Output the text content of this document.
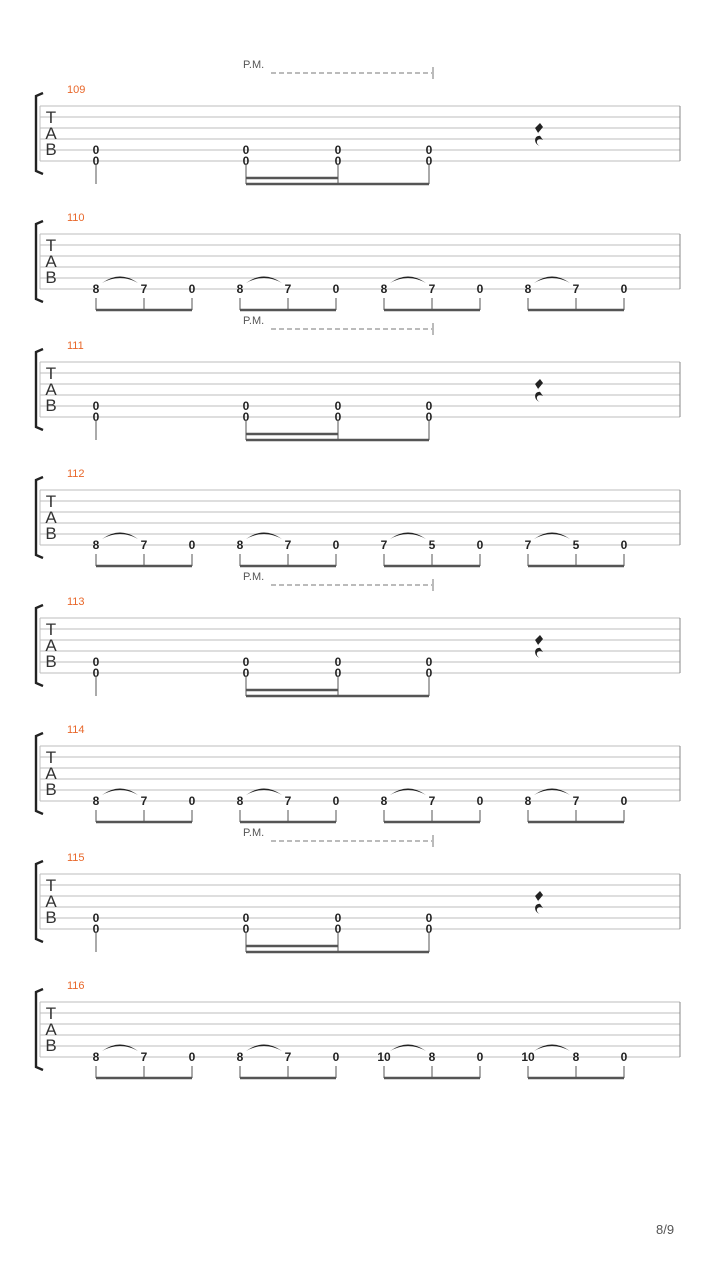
109
T
A
B
P.M.
0
0
0
0
0
0
0
0
110
T
A
B
8	7	0	8	7	0	8	7	0	8	7	0
111
T
A
B
P.M.
0
0
0
0
0
0
0
0
112
T
A
B
8	7	0	8	7	0	7	5	0	7	5	0
113
T
A
B
P.M.
0
0
0
0
0
0
0
0
114
T
A
B
8	7	0	8	7	0	8	7	0	8	7	0
115
T
A
B
P.M.
0
0
0
0
0
0
0
0
116
T
A
B
8	7	0	8	7	0	10	8	0	10	8	0
8/9
